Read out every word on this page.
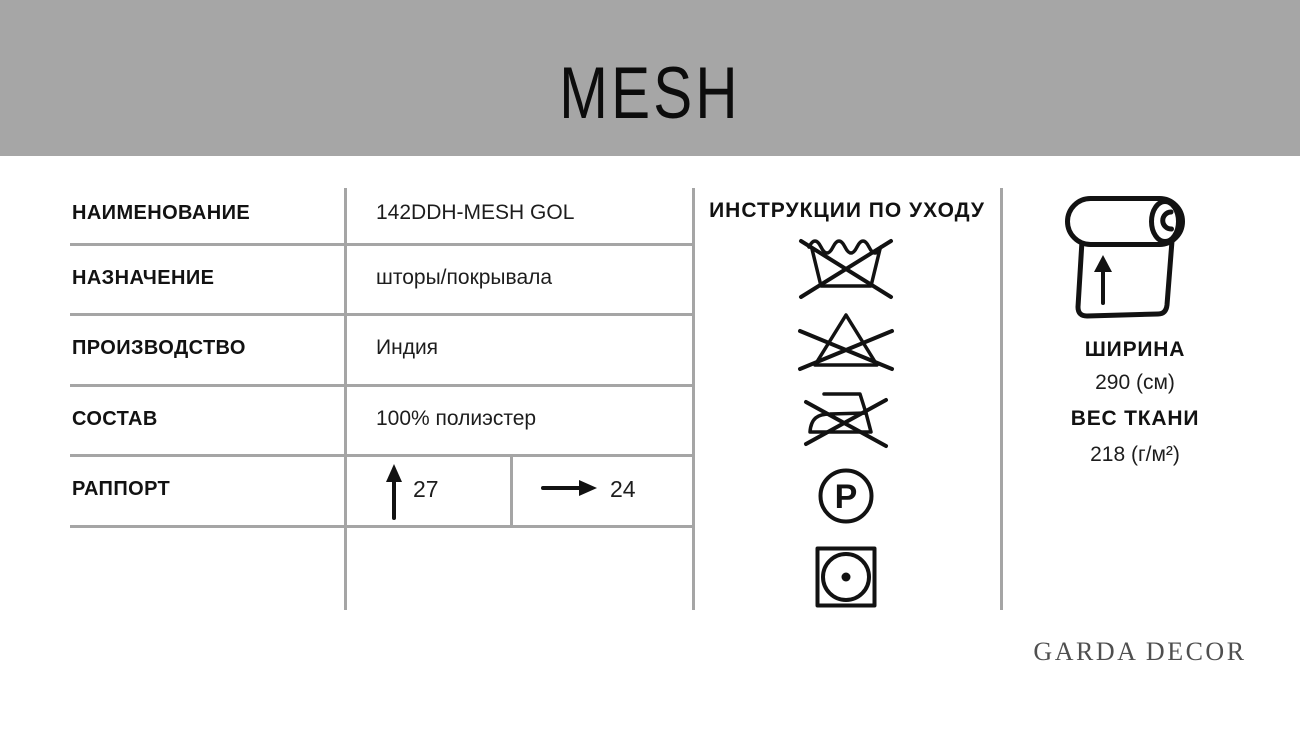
MESH
НАИМЕНОВАНИЕ
НАЗНАЧЕНИЕ
ПРОИЗВОДСТВО
СОСТАВ
РАППОРТ
142DDH-MESH GOL
шторы/покрывала
Индия
100% полиэстер
27	24
ИНСТРУКЦИИ ПО УХОДУ
P
ШИРИНА
290 (см)
ВЕС ТКАНИ
218 (г/м²)
GARDA DECOR
